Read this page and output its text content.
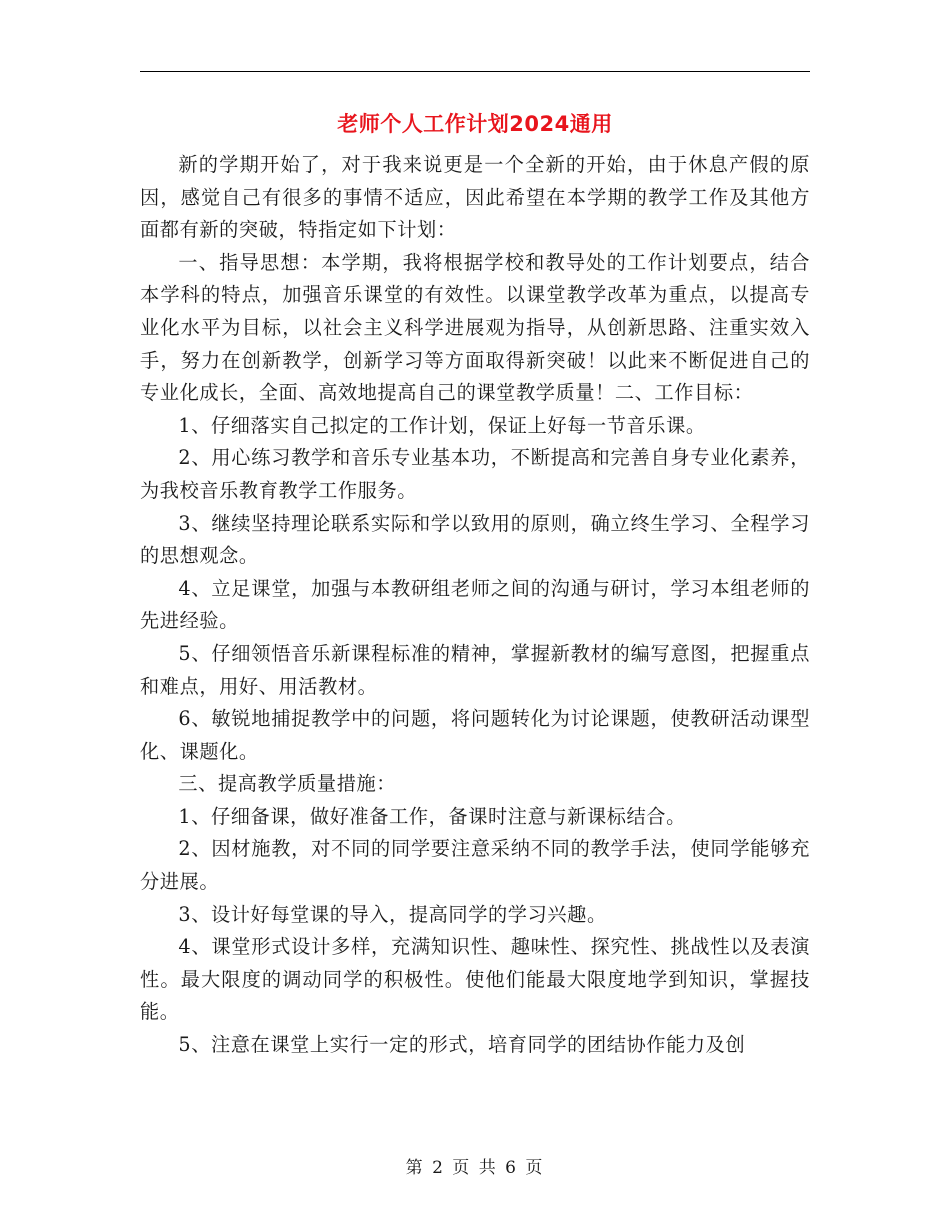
老师个人工作计划2024通用

新的学期开始了，对于我来说更是一个全新的开始，由于休息产假的原因，感觉自己有很多的事情不适应，因此希望在本学期的教学工作及其他方面都有新的突破，特指定如下计划：

一、指导思想：本学期，我将根据学校和教导处的工作计划要点，结合本学科的特点，加强音乐课堂的有效性。以课堂教学改革为重点，以提高专业化水平为目标，以社会主义科学进展观为指导，从创新思路、注重实效入手，努力在创新教学，创新学习等方面取得新突破！以此来不断促进自己的专业化成长，全面、高效地提高自己的课堂教学质量！二、工作目标：

1、仔细落实自己拟定的工作计划，保证上好每一节音乐课。

2、用心练习教学和音乐专业基本功，不断提高和完善自身专业化素养，为我校音乐教育教学工作服务。

3、继续坚持理论联系实际和学以致用的原则，确立终生学习、全程学习的思想观念。

4、立足课堂，加强与本教研组老师之间的沟通与研讨，学习本组老师的先进经验。

5、仔细领悟音乐新课程标准的精神，掌握新教材的编写意图，把握重点和难点，用好、用活教材。

6、敏锐地捕捉教学中的问题，将问题转化为讨论课题，使教研活动课型化、课题化。

三、提高教学质量措施：

1、仔细备课，做好准备工作，备课时注意与新课标结合。

2、因材施教，对不同的同学要注意采纳不同的教学手法，使同学能够充分进展。

3、设计好每堂课的导入，提高同学的学习兴趣。

4、课堂形式设计多样，充满知识性、趣味性、探究性、挑战性以及表演性。最大限度的调动同学的积极性。使他们能最大限度地学到知识，掌握技能。

5、注意在课堂上实行一定的形式，培育同学的团结协作能力及创

第 2 页 共 6 页
